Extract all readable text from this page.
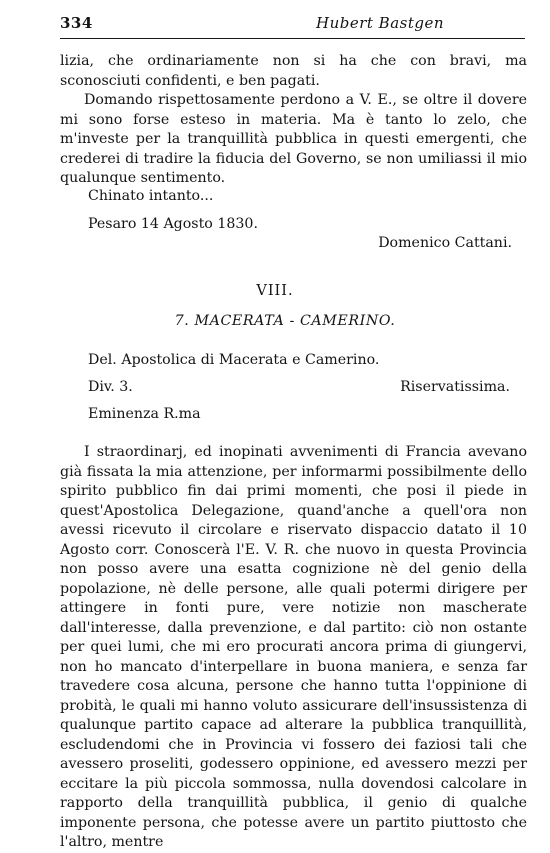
334	Hubert Bastgen

lizia, che ordinariamente non si ha che con bravi, ma sconosciuti confidenti, e ben pagati.

Domando rispettosamente perdono a V. E., se oltre il dovere mi sono forse esteso in materia. Ma è tanto lo zelo, che m'investe per la tranquillità pubblica in questi emergenti, che crederei di tradire la fiducia del Governo, se non umiliassi il mio qualunque sentimento.

Chinato intanto...
Pesaro 14 Agosto 1830.
Domenico Cattani.
VIII.
7. MACERATA - CAMERINO.
Del. Apostolica di Macerata e Camerino.
Div. 3.	Riservatissima.
Eminenza R.ma

I straordinarj, ed inopinati avvenimenti di Francia avevano già fissata la mia attenzione, per informarmi possibilmente dello spirito pubblico fin dai primi momenti, che posi il piede in quest'Apostolica Delegazione, quand'anche a quell'ora non avessi ricevuto il circolare e riservato dispaccio datato il 10 Agosto corr. Conoscerà l'E. V. R. che nuovo in questa Provincia non posso avere una esatta cognizione nè del genio della popolazione, nè delle persone, alle quali potermi dirigere per attingere in fonti pure, vere notizie non mascherate dall'interesse, dalla prevenzione, e dal partito: ciò non ostante per quei lumi, che mi ero procurati ancora prima di giungervi, non ho mancato d'interpellare in buona maniera, e senza far travedere cosa alcuna, persone che hanno tutta l'oppinione di probità, le quali mi hanno voluto assicurare dell'insussistenza di qualunque partito capace ad alterare la pubblica tranquillità, escludendomi che in Provincia vi fossero dei faziosi tali che avessero proseliti, godessero oppinione, ed avessero mezzi per eccitare la più piccola sommossa, nulla dovendosi calcolare in rapporto della tranquillità pubblica, il genio di qualche imponente persona, che potesse avere un partito piuttosto che l'altro, mentre
